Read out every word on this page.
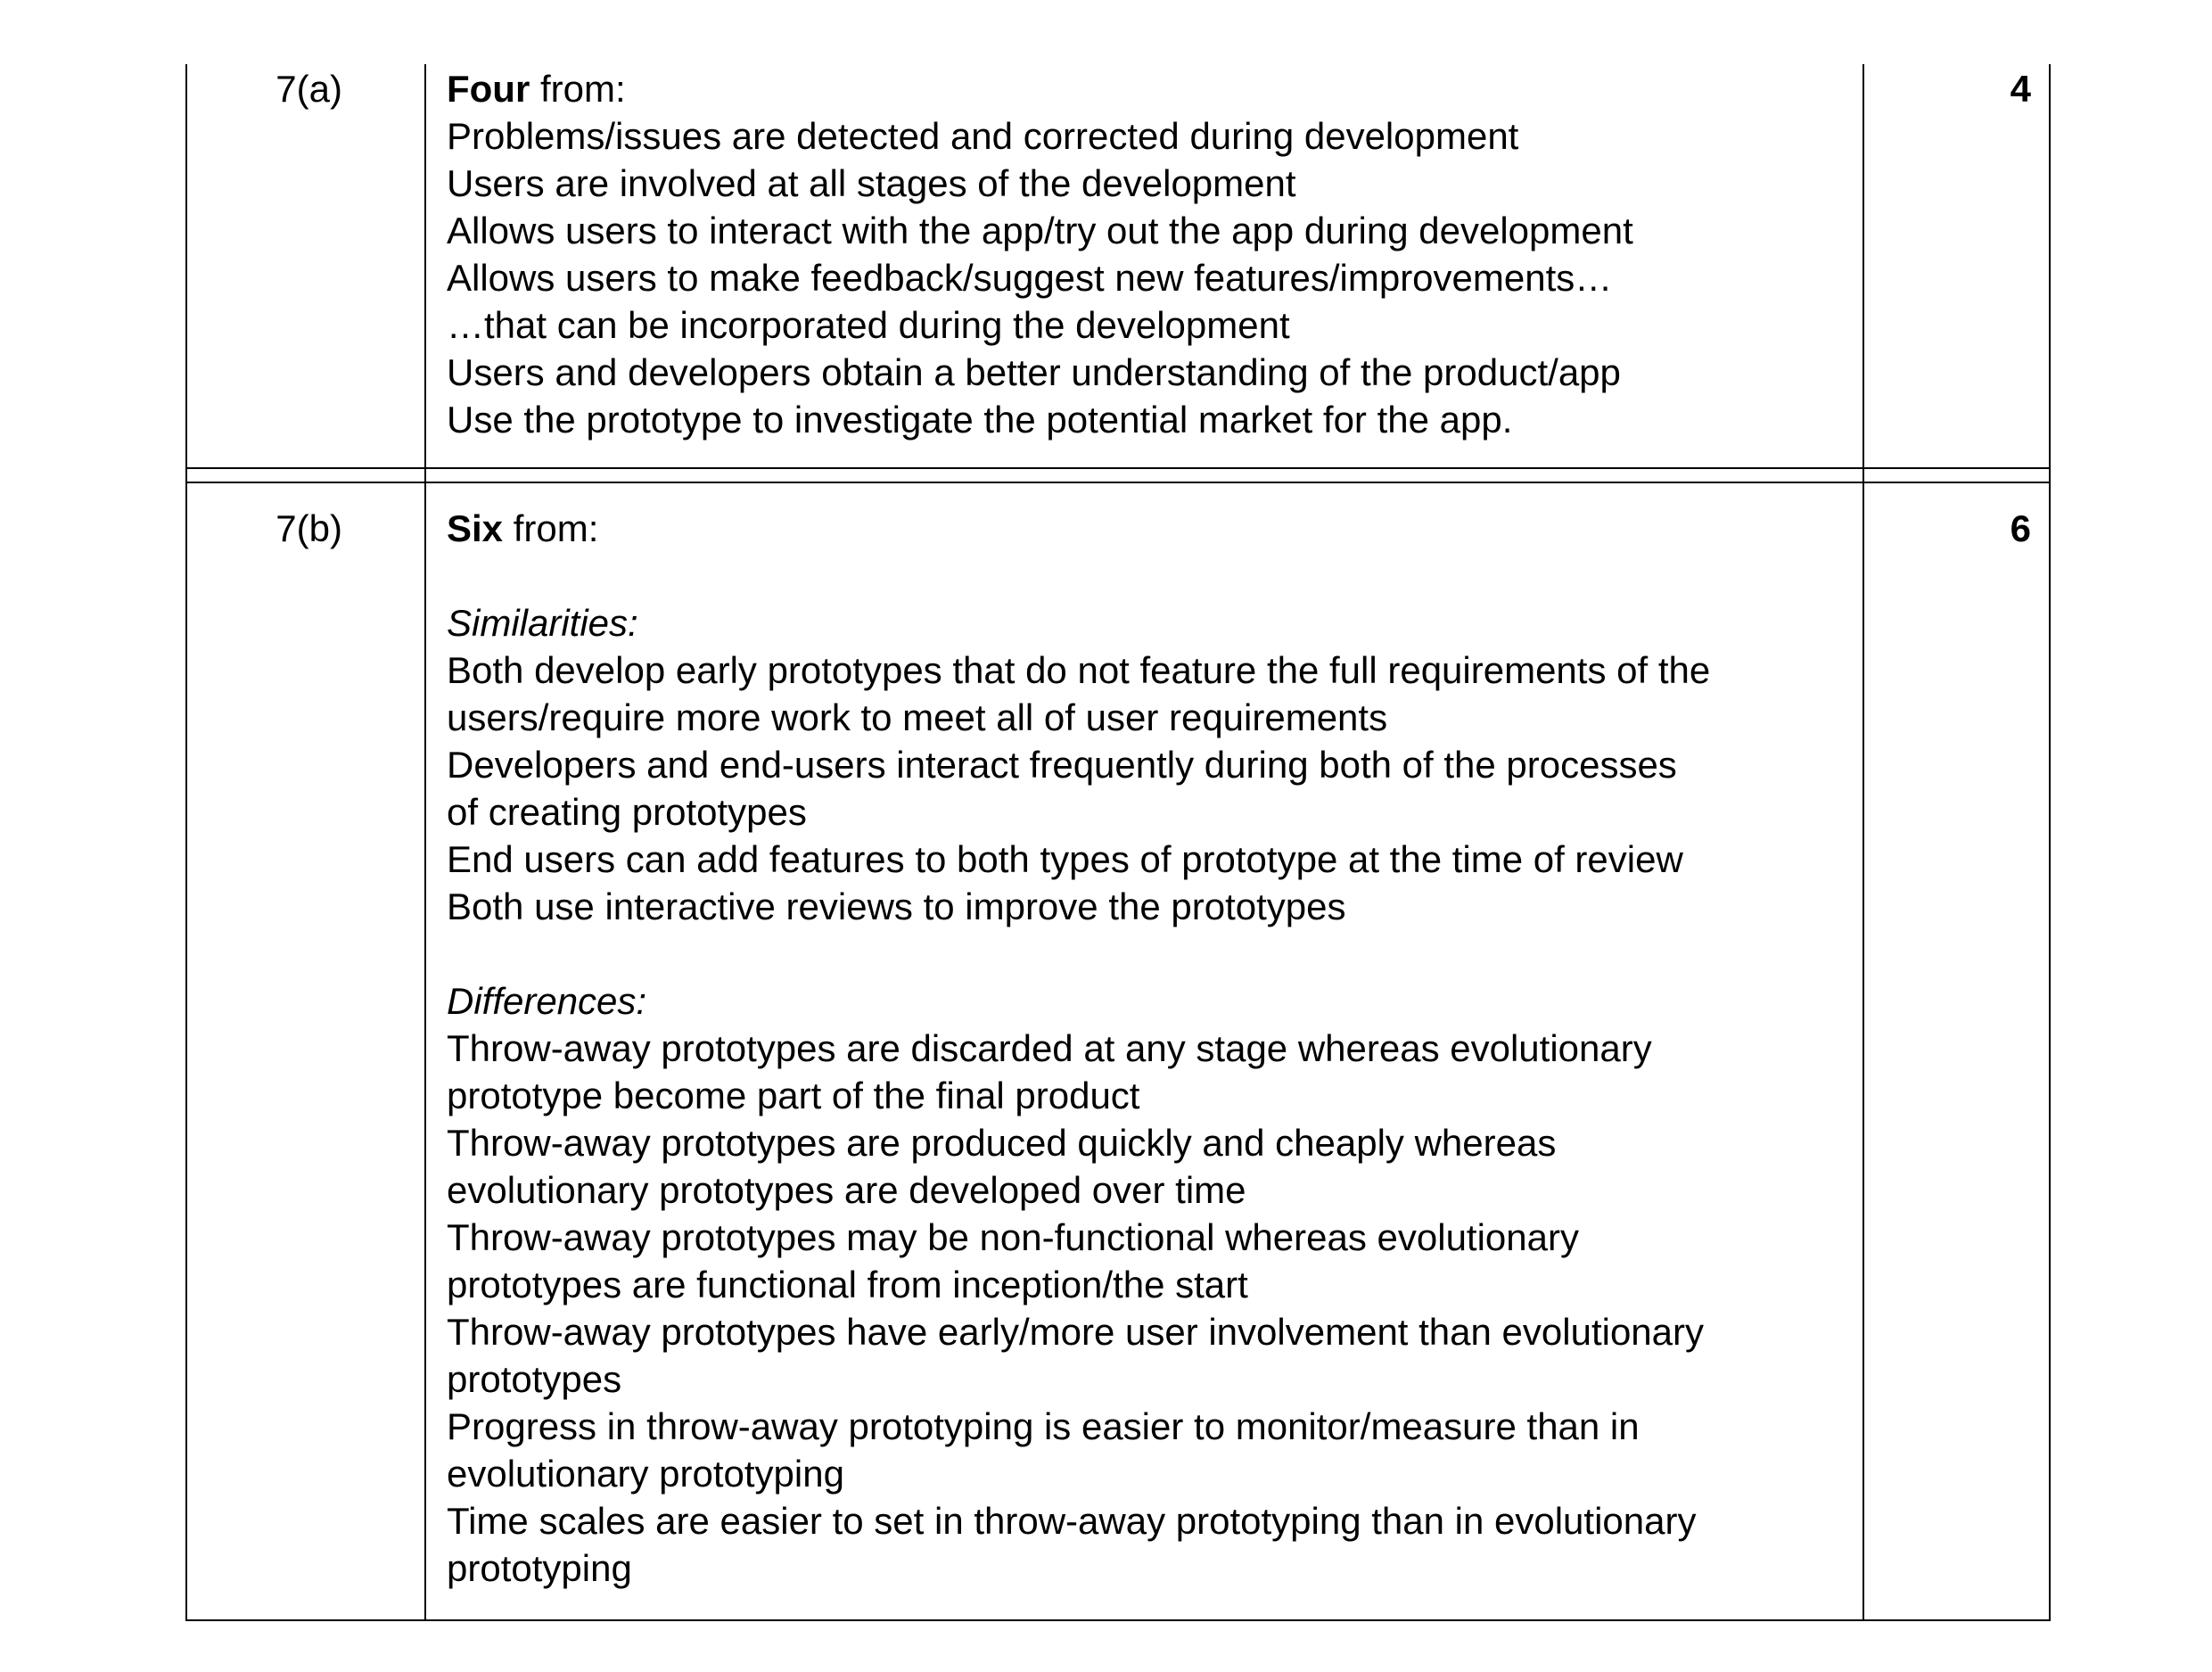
7(a)	Four from:
Problems/issues are detected and corrected during development
Users are involved at all stages of the development
Allows users to interact with the app/try out the app during development
Allows users to make feedback/suggest new features/improvements…
…that can be incorporated during the development
Users and developers obtain a better understanding of the product/app
Use the prototype to investigate the potential market for the app.
4
7(b)	Six from:
Similarities:
Both develop early prototypes that do not feature the full requirements of the
users/require more work to meet all of user requirements
Developers and end-users interact frequently during both of the processes
of creating prototypes
End users can add features to both types of prototype at the time of review
Both use interactive reviews to improve the prototypes
Differences:
Throw-away prototypes are discarded at any stage whereas evolutionary
prototype become part of the final product
Throw-away prototypes are produced quickly and cheaply whereas
evolutionary prototypes are developed over time
Throw-away prototypes may be non-functional whereas evolutionary
prototypes are functional from inception/the start
Throw-away prototypes have early/more user involvement than evolutionary
prototypes
Progress in throw-away prototyping is easier to monitor/measure than in
evolutionary prototyping
Time scales are easier to set in throw-away prototyping than in evolutionary
prototyping
6
